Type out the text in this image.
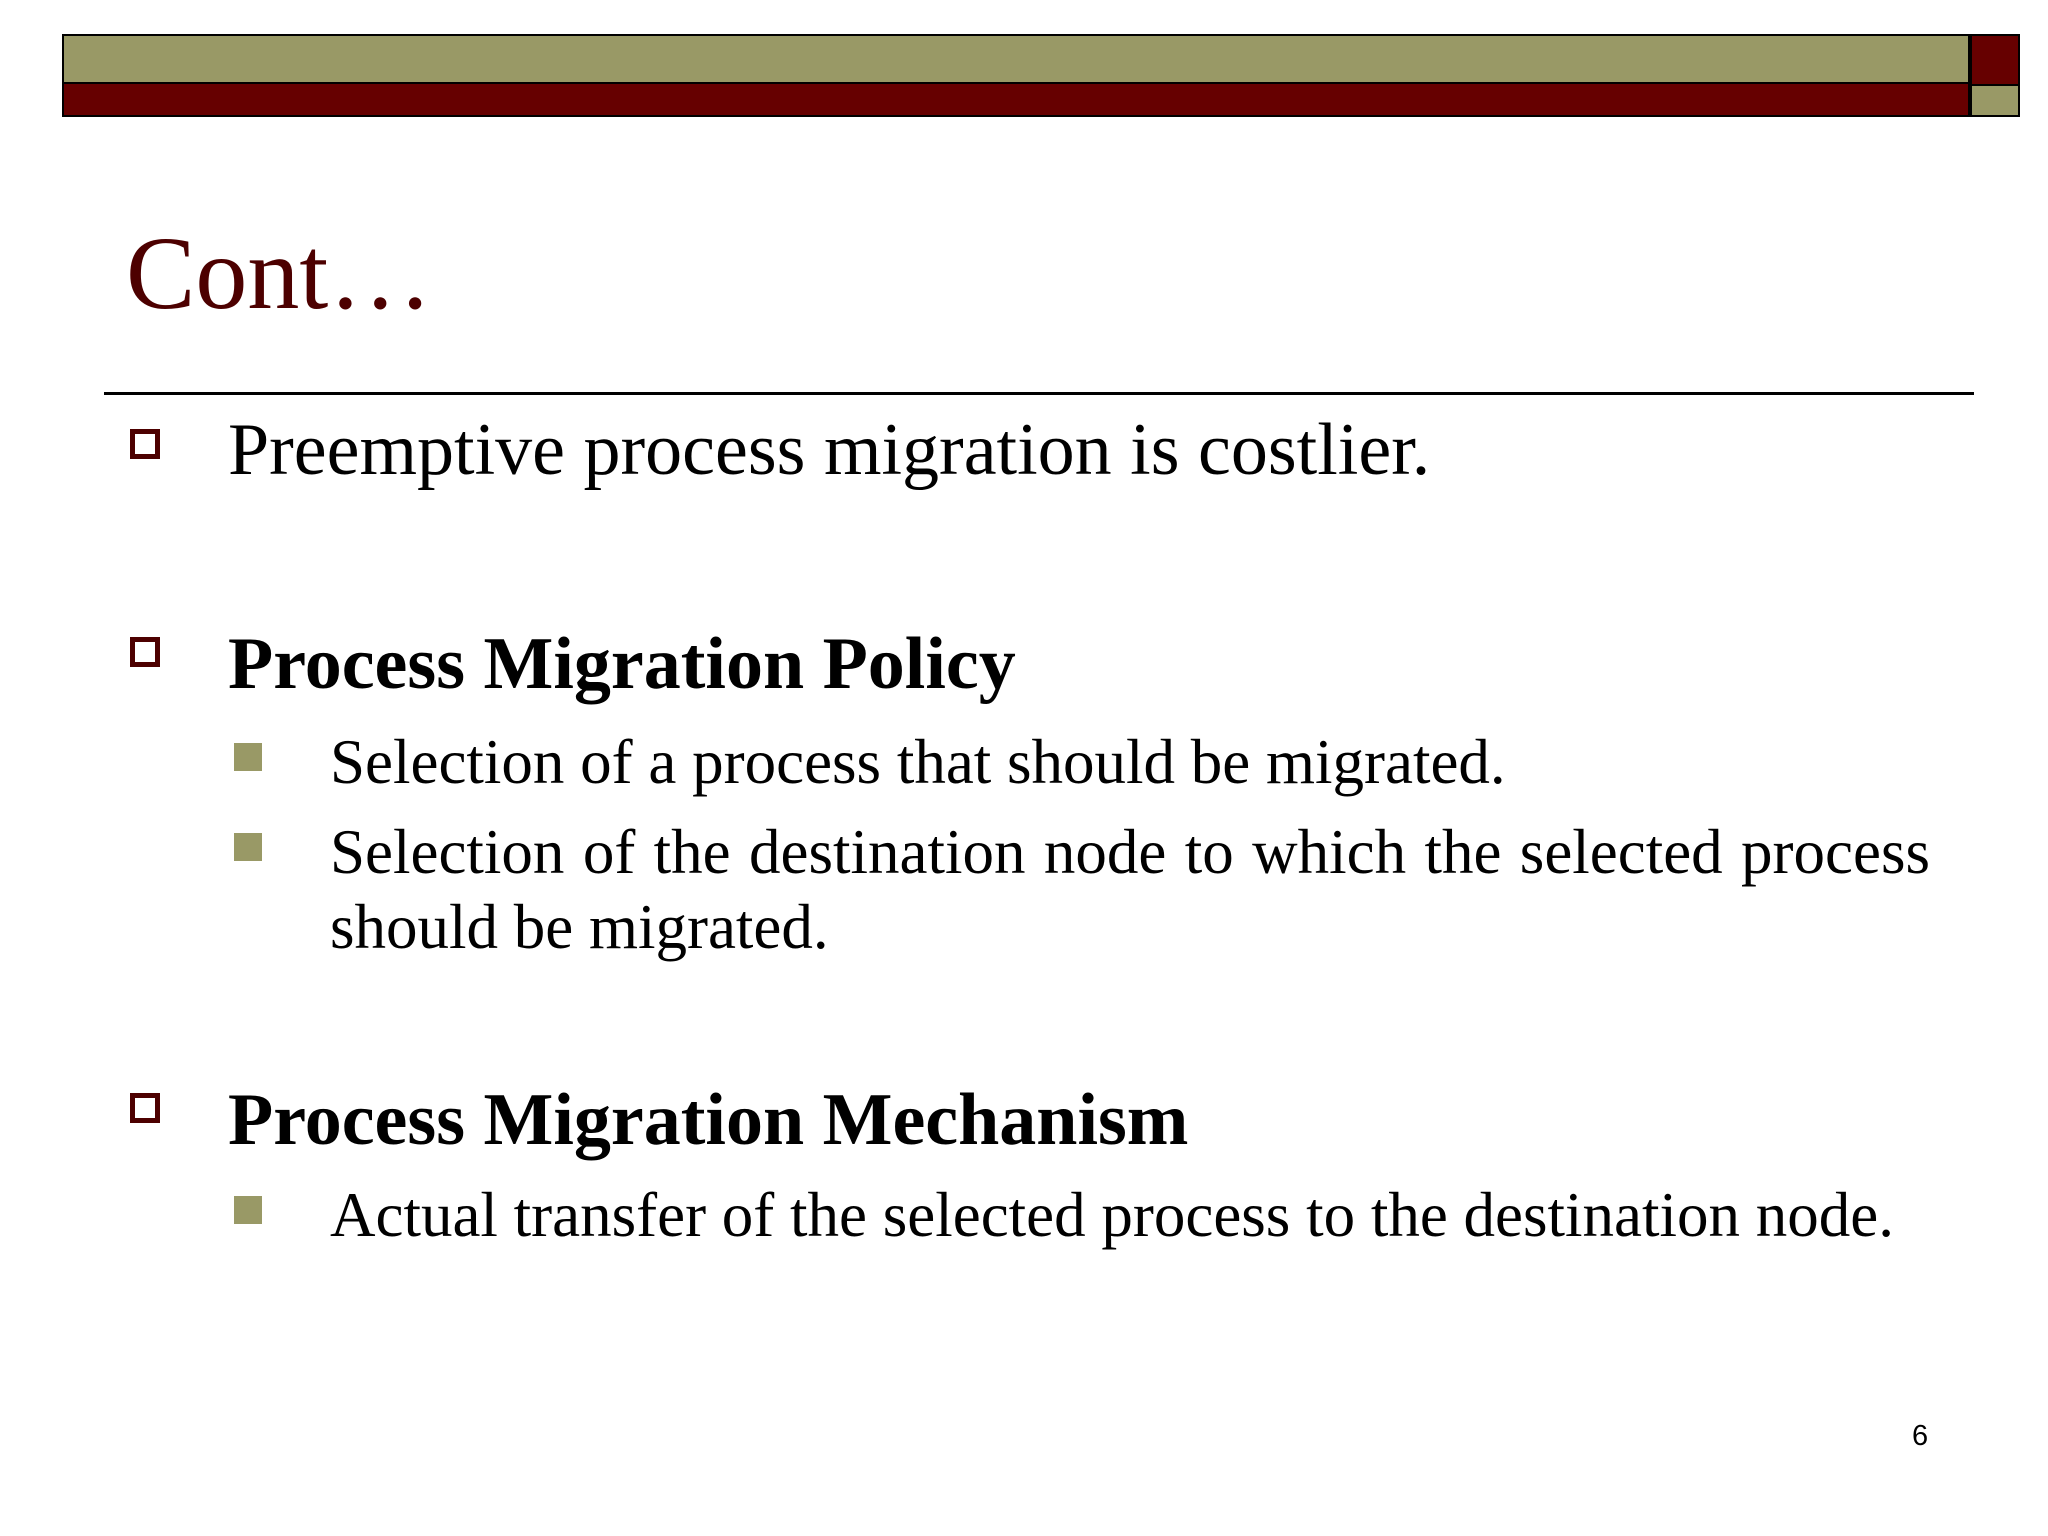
Cont…
Preemptive process migration is costlier.
Process Migration Policy
Selection of a process that should be migrated.
Selection of the destination node to which the selected process should be migrated.
Process Migration Mechanism
Actual transfer of the selected process to the destination node.
6
